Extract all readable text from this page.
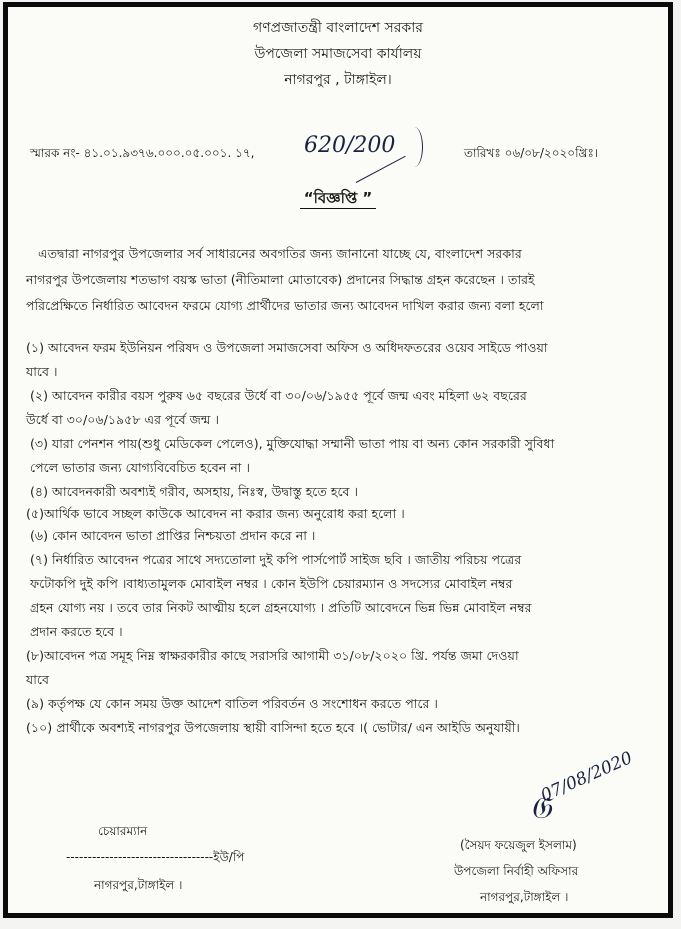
গণপ্রজাতন্ত্রী বাংলাদেশ সরকার
উপজেলা সমাজসেবা কার্যালয়
নাগরপুর , টাঙ্গাইল।
স্মারক নং- ৪১.০১.৯৩৭৬.০০০.০৫.০০১. ১৭, 620/200	তারিখঃ ০৬/০৮/২০২০খ্রিঃ।
“বিজ্ঞপ্তি ”
এতদ্বারা নাগরপুর উপজেলার সর্ব সাধারনের অবগতির জন্য জানানো যাচ্ছে যে, বাংলাদেশ সরকার
নাগরপুর উপজেলায় শতভাগ বয়স্ক ভাতা (নীতিমালা মোতাবেক) প্রদানের সিদ্ধান্ত গ্রহন করেছেন । তারই
পরিপ্রেক্ষিতে নির্ধারিত আবেদন ফরমে যোগ্য প্রার্থীদের ভাতার জন্য আবেদন দাখিল করার জন্য বলা হলো
(১) আবেদন ফরম ইউনিয়ন পরিষদ ও উপজেলা সমাজসেবা অফিস ও অধিদফতরের ওয়েব সাইডে পাওয়া
যাবে ।
(২) আবেদন কারীর বয়স পুরুষ ৬৫ বছরের উর্ধে বা ৩০/০৬/১৯৫৫ পূর্বে জন্ম এবং মহিলা ৬২ বছরের
উর্ধে বা ৩০/০৬/১৯৫৮ এর পূর্বে জন্ম ।
(৩) যারা পেনশন পায়(শুধু মেডিকেল পেলেও), মুক্তিযোদ্ধা সম্মানী ভাতা পায় বা অন্য কোন সরকারী সুবিধা
পেলে ভাতার জন্য যোগ্যবিবেচিত হবেন না ।
(৪) আবেদনকারী অবশ্যই গরীব, অসহায়, নিঃস্ব, উদ্বাস্তু হতে হবে ।
(৫)আর্থিক ভাবে সচ্ছল কাউকে আবেদন না করার জন্য অনুরোধ করা হলো ।
(৬) কোন আবেদন ভাতা প্রাপ্তির নিশ্চয়তা প্রদান করে না ।
(৭) নির্ধারিত আবেদন পত্রের সাথে সদ্যতোলা দুই কপি পার্সপোর্ট সাইজ ছবি । জাতীয় পরিচয় পত্রের
ফটোকপি দুই কপি ।বাধ্যতামুলক মোবাইল নম্বর । কোন ইউপি চেয়ারম্যান ও সদস্যের মোবাইল নম্বর
গ্রহন যোগ্য নয় । তবে তার নিকট আত্মীয় হলে গ্রহনযোগ্য । প্রতিটি আবেদনে ভিন্ন ভিন্ন মোবাইল নম্বর
প্রদান করতে হবে ।
(৮)আবেদন পত্র সমূহ নিম্ন স্বাক্ষরকারীর কাছে সরাসরি আগামী ৩১/০৮/২০২০ খ্রি. পর্যন্ত জমা দেওয়া
যাবে
(৯) কর্তৃপক্ষ যে কোন সময় উক্ত আদেশ বাতিল পরিবর্তন ও সংশোধন করতে পারে ।
(১০) প্রার্থীকে অবশ্যই নাগরপুর উপজেলায় স্থায়ী বাসিন্দা হতে হবে ।( ভোটার/ এন আইডি অনুযায়ী।
চেয়ারম্যান
----------------------------------ইউ/পি
নাগরপুর,টাঙ্গাইল ।
𝔊
07/08/2020
(সৈয়দ ফয়েজুল ইসলাম)
উপজেলা নির্বাহী অফিসার
নাগরপুর,টাঙ্গাইল ।
